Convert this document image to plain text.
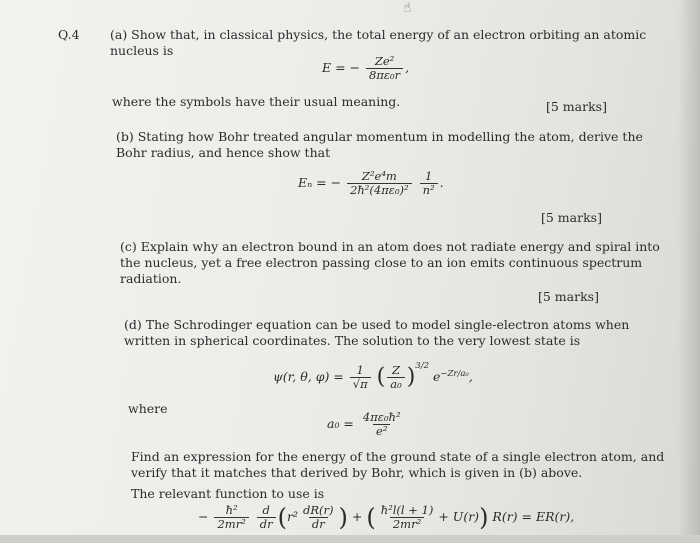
Q.4 (a) Show that, in classical physics, the total energy of an electron orbiting an atomic
nucleus is
E = − $\frac{\text{Ze²}}{\text{8πε₀r}}$ ,
where the symbols have their usual meaning.	[5 marks]
(b) Stating how Bohr treated angular momentum in modelling the atom, derive the
Bohr radius, and hence show that
Eₙ = − $\frac{\text{Z²e⁴m}}{\text{2ħ²(4πε₀)²}}$
$\frac{1}{\text{n²}}$ .
[5 marks]
(c) Explain why an electron bound in an atom does not radiate energy and spiral into
the nucleus, yet a free electron passing close to an ion emits continuous spectrum
radiation.
[5 marks]
(d) The Schrodinger equation can be used to model single-electron atoms when
written in spherical coordinates. The solution to the very lowest state is
ψ(r, θ, $\varphi) = \frac{1}{√\pi}$ ( $\frac{Z}{\text{a₀}} )^{3/2}$ $e^{-Zr/a_0}$,
where
$a_0 = \frac{\text{4πε₀ħ²}}{\text{e²}}$
Find an expression for the energy of the ground state of a single electron atom, and
verify that it matches that derived by Bohr, which is given in (b) above.
The relevant function to use is
− $\frac{\text{ħ²}}{\text{2mr²}}$
$\frac{d}{dr} (r^2 \frac{dR(r)}{dr}$ ) + ( $\frac{\text{ħ²l(l + 1)}}{\text{2mr²}} + U(r)$) R(r) = ER(r),
☝
